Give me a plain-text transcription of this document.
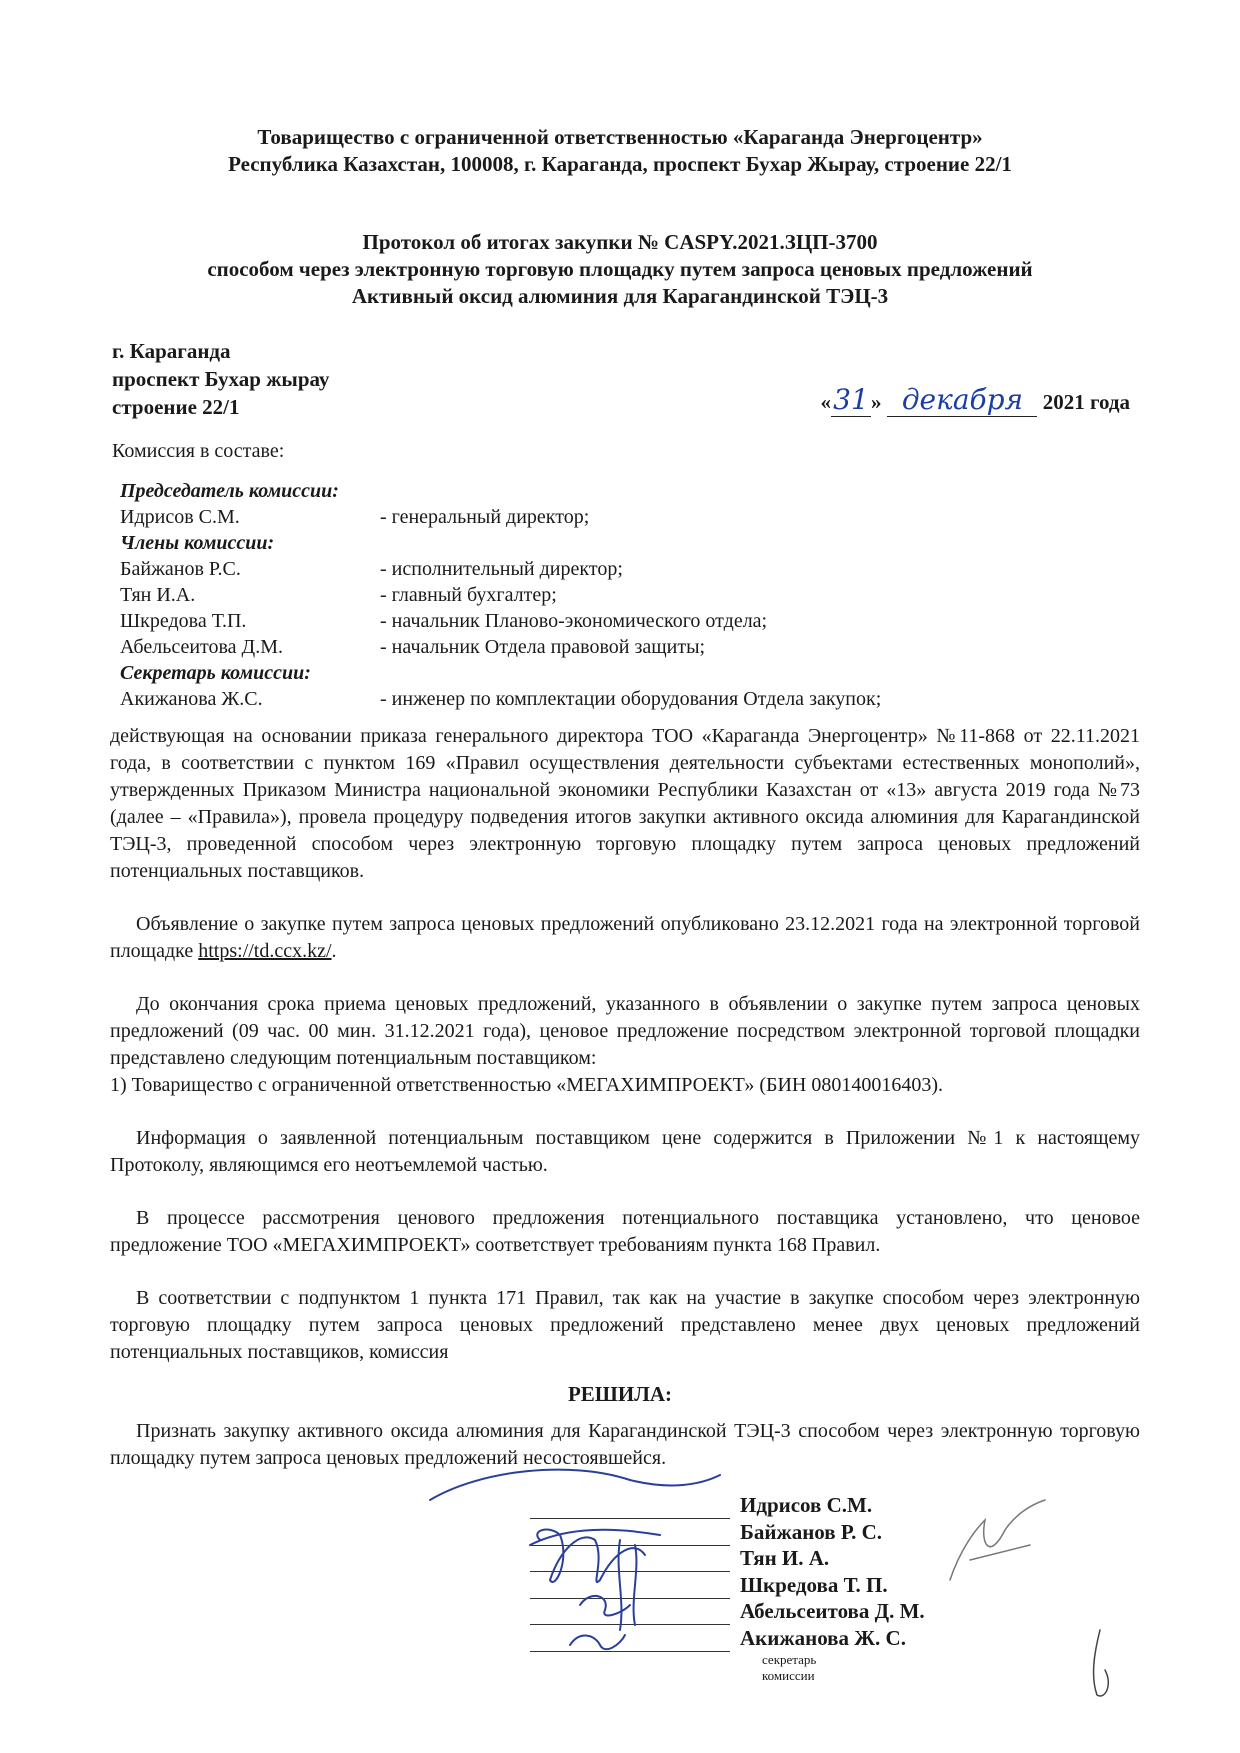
Товарищество с ограниченной ответственностью «Караганда Энергоцентр»
Республика Казахстан, 100008, г. Караганда, проспект Бухар Жырау, строение 22/1
Протокол об итогах закупки № CASPY.2021.ЗЦП-3700
способом через электронную торговую площадку путем запроса ценовых предложений
Активный оксид алюминия для Карагандинской ТЭЦ-3
г. Караганда
проспект Бухар жырау
строение 22/1	«31 » декабря 2021 года
Комиссия в составе:
Председатель комиссии:
Идрисов С.М.	- генеральный директор;
Члены комиссии:
Байжанов Р.С.	- исполнительный директор;
Тян И.А.	- главный бухгалтер;
Шкредова Т.П.	- начальник Планово-экономического отдела;
Абельсеитова Д.М.	- начальник Отдела правовой защиты;
Секретарь комиссии:
Акижанова Ж.С.	- инженер по комплектации оборудования Отдела закупок;
действующая на основании приказа генерального директора ТОО «Караганда Энергоцентр» №11-868 от 22.11.2021 года, в соответствии с пунктом 169 «Правил осуществления деятельности субъектами естественных монополий», утвержденных Приказом Министра национальной экономики Республики Казахстан от «13» августа 2019 года №73 (далее – «Правила»), провела процедуру подведения итогов закупки активного оксида алюминия для Карагандинской ТЭЦ-3, проведенной способом через электронную торговую площадку путем запроса ценовых предложений потенциальных поставщиков.
Объявление о закупке путем запроса ценовых предложений опубликовано 23.12.2021 года на электронной торговой площадке https://td.ccx.kz/.
До окончания срока приема ценовых предложений, указанного в объявлении о закупке путем запроса ценовых предложений (09 час. 00 мин. 31.12.2021 года), ценовое предложение посредством электронной торговой площадки представлено следующим потенциальным поставщиком:
1) Товарищество с ограниченной ответственностью «МЕГАХИМПРОЕКТ» (БИН 080140016403).
Информация о заявленной потенциальным поставщиком цене содержится в Приложении №1 к настоящему Протоколу, являющимся его неотъемлемой частью.
В процессе рассмотрения ценового предложения потенциального поставщика установлено, что ценовое предложение ТОО «МЕГАХИМПРОЕКТ» соответствует требованиям пункта 168 Правил.
В соответствии с подпунктом 1 пункта 171 Правил, так как на участие в закупке способом через электронную торговую площадку путем запроса ценовых предложений представлено менее двух ценовых предложений потенциальных поставщиков, комиссия
РЕШИЛА:
Признать закупку активного оксида алюминия для Карагандинской ТЭЦ-3 способом через электронную торговую площадку путем запроса ценовых предложений несостоявшейся.
Идрисов С.М.
Байжанов Р. С.
Тян И. А.
Шкредова Т. П.
Абельсеитова Д. М.
Акижанова Ж. С.
секретарь комиссии
